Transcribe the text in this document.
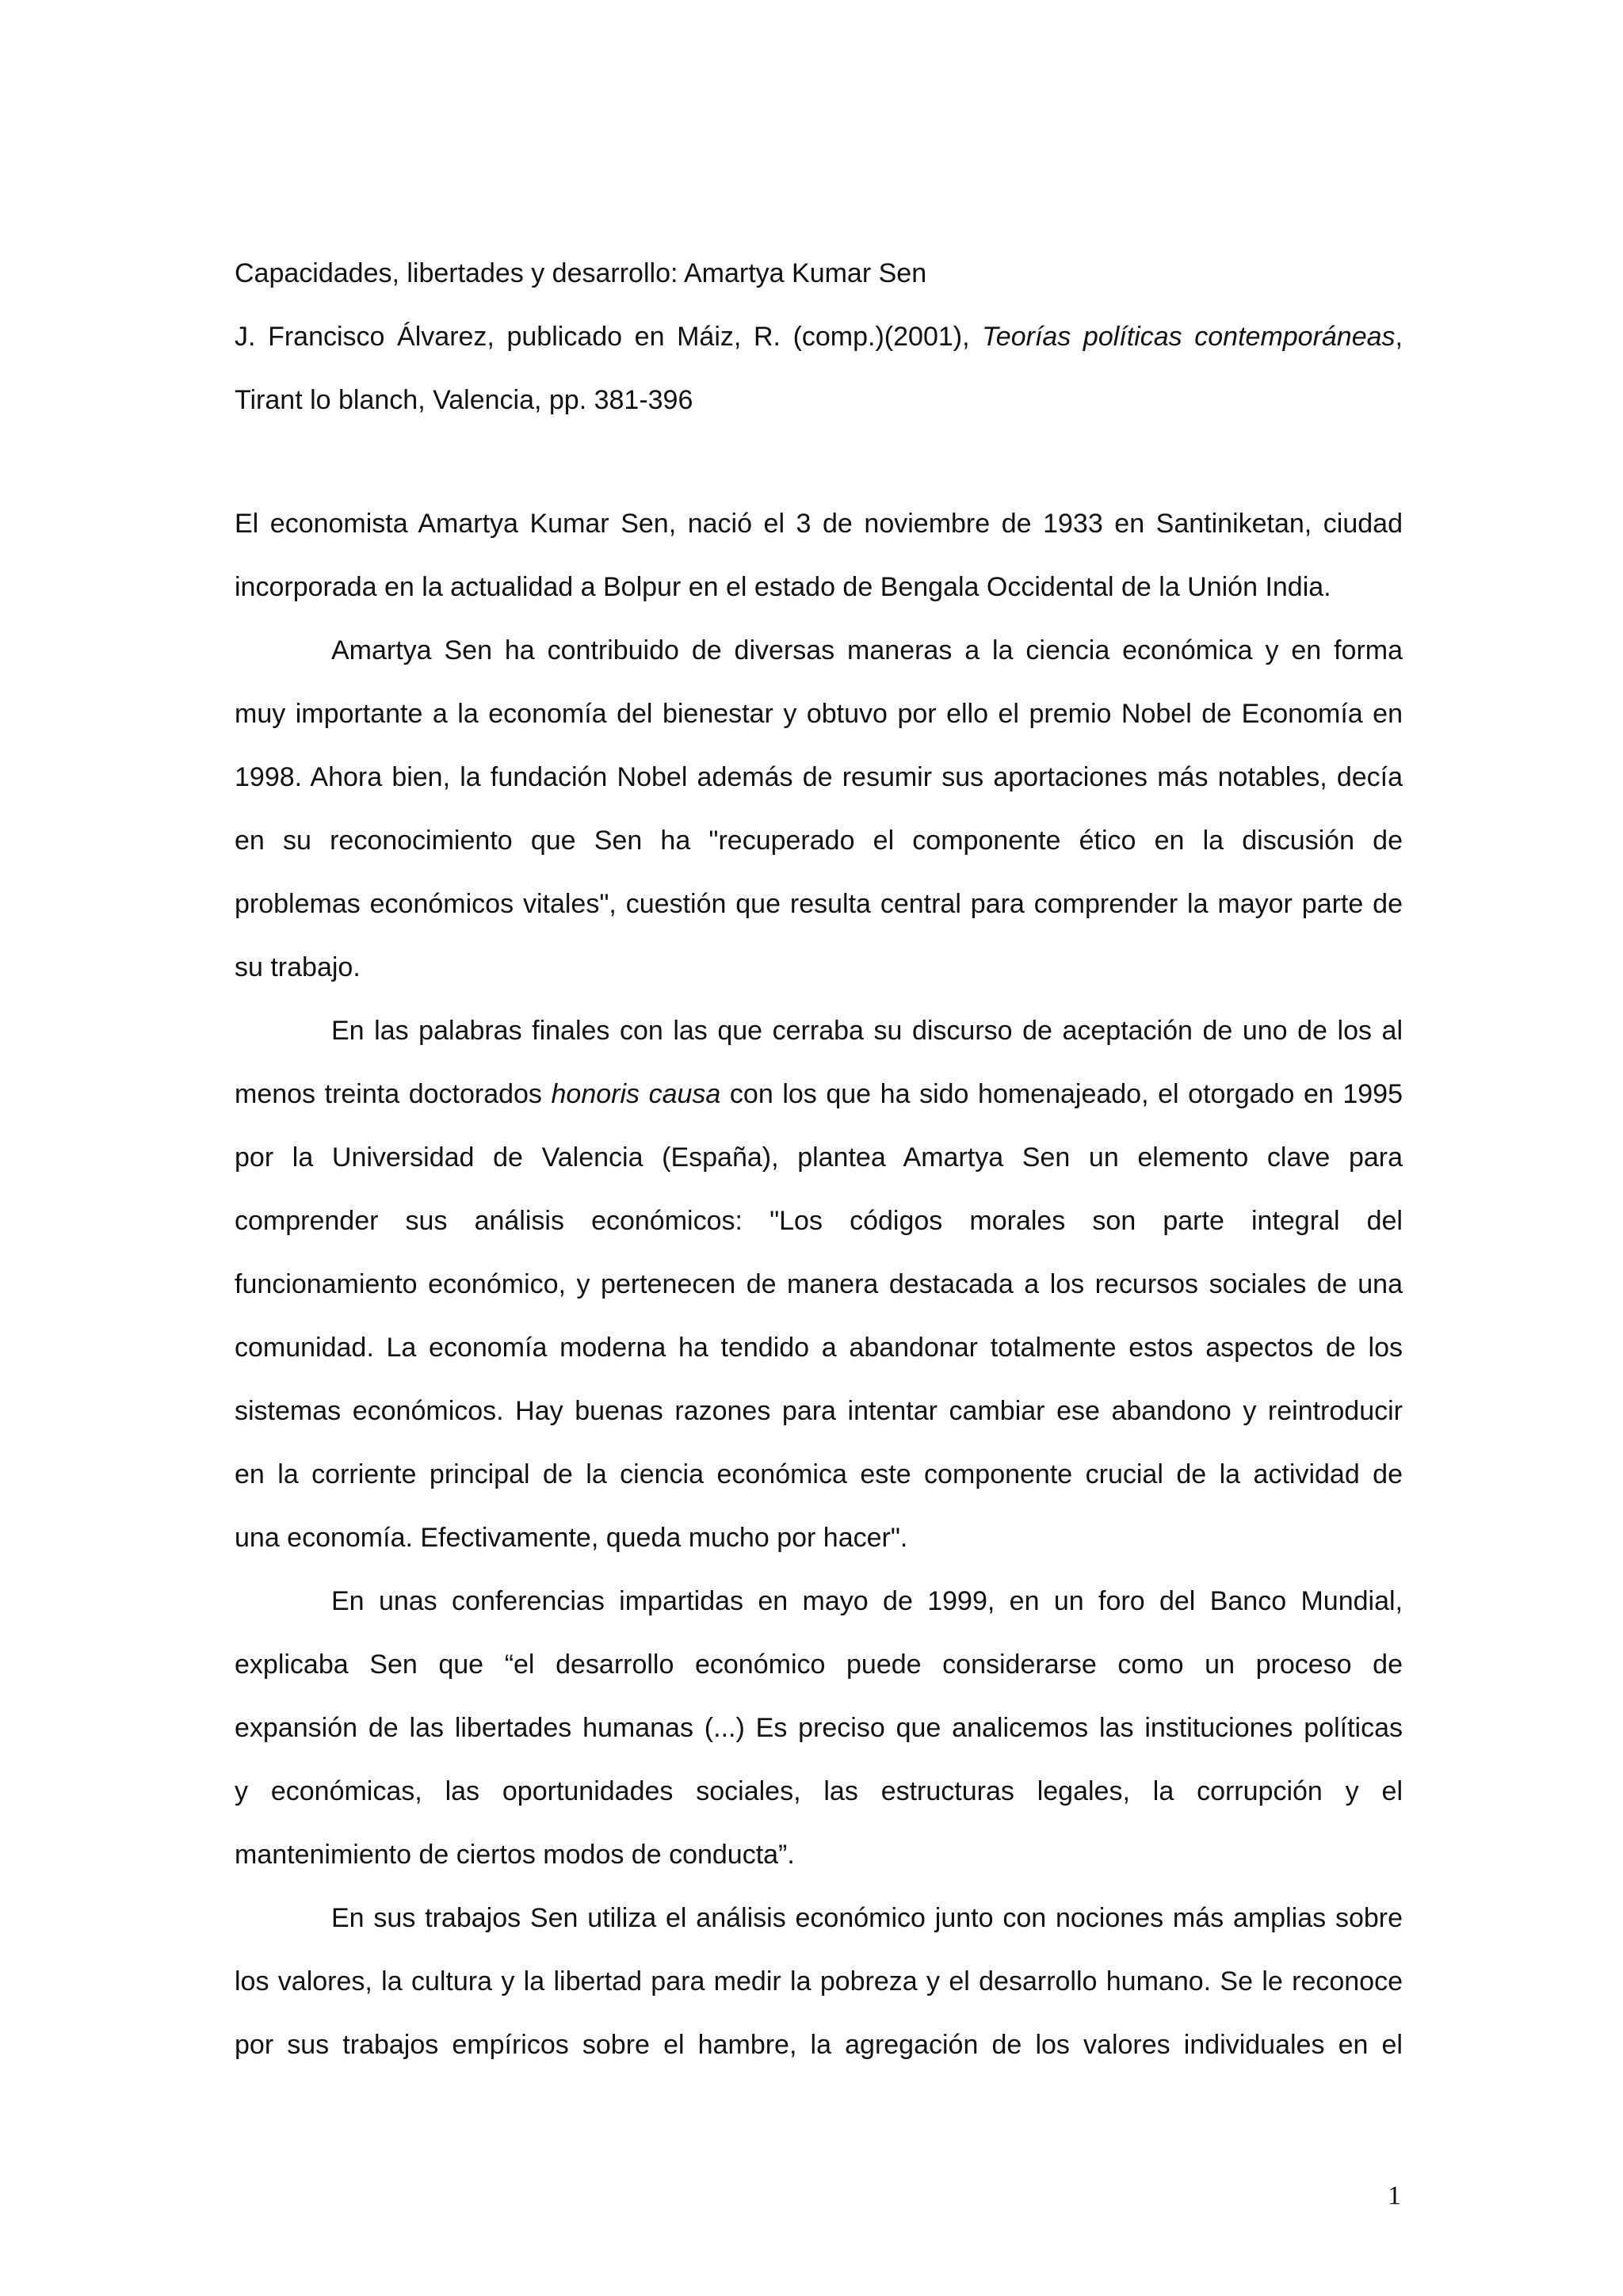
Capacidades, libertades y desarrollo: Amartya Kumar Sen
J. Francisco Álvarez, publicado en Máiz, R. (comp.)(2001), Teorías políticas contemporáneas,
Tirant lo blanch, Valencia, pp. 381-396
El economista Amartya Kumar Sen, nació el 3 de noviembre de 1933 en Santiniketan, ciudad
incorporada en la actualidad a Bolpur en el estado de Bengala Occidental de la Unión India.
Amartya Sen ha contribuido de diversas maneras a la ciencia económica y en forma
muy importante a la economía del bienestar y obtuvo por ello el premio Nobel de Economía en
1998. Ahora bien, la fundación Nobel además de resumir sus aportaciones más notables, decía
en su reconocimiento que Sen ha "recuperado el componente ético en la discusión de
problemas económicos vitales", cuestión que resulta central para comprender la mayor parte de
su trabajo.
En las palabras finales con las que cerraba su discurso de aceptación de uno de los al
menos treinta doctorados honoris causa con los que ha sido homenajeado, el otorgado en 1995
por la Universidad de Valencia (España), plantea Amartya Sen un elemento clave para
comprender sus análisis económicos: "Los códigos morales son parte integral del
funcionamiento económico, y pertenecen de manera destacada a los recursos sociales de una
comunidad. La economía moderna ha tendido a abandonar totalmente estos aspectos de los
sistemas económicos. Hay buenas razones para intentar cambiar ese abandono y reintroducir
en la corriente principal de la ciencia económica este componente crucial de la actividad de
una economía. Efectivamente, queda mucho por hacer".
En unas conferencias impartidas en mayo de 1999, en un foro del Banco Mundial,
explicaba Sen que “el desarrollo económico puede considerarse como un proceso de
expansión de las libertades humanas (...) Es preciso que analicemos las instituciones políticas
y económicas, las oportunidades sociales, las estructuras legales, la corrupción y el
mantenimiento de ciertos modos de conducta”.
En sus trabajos Sen utiliza el análisis económico junto con nociones más amplias sobre
los valores, la cultura y la libertad para medir la pobreza y el desarrollo humano. Se le reconoce
por sus trabajos empíricos sobre el hambre, la agregación de los valores individuales en el
1
